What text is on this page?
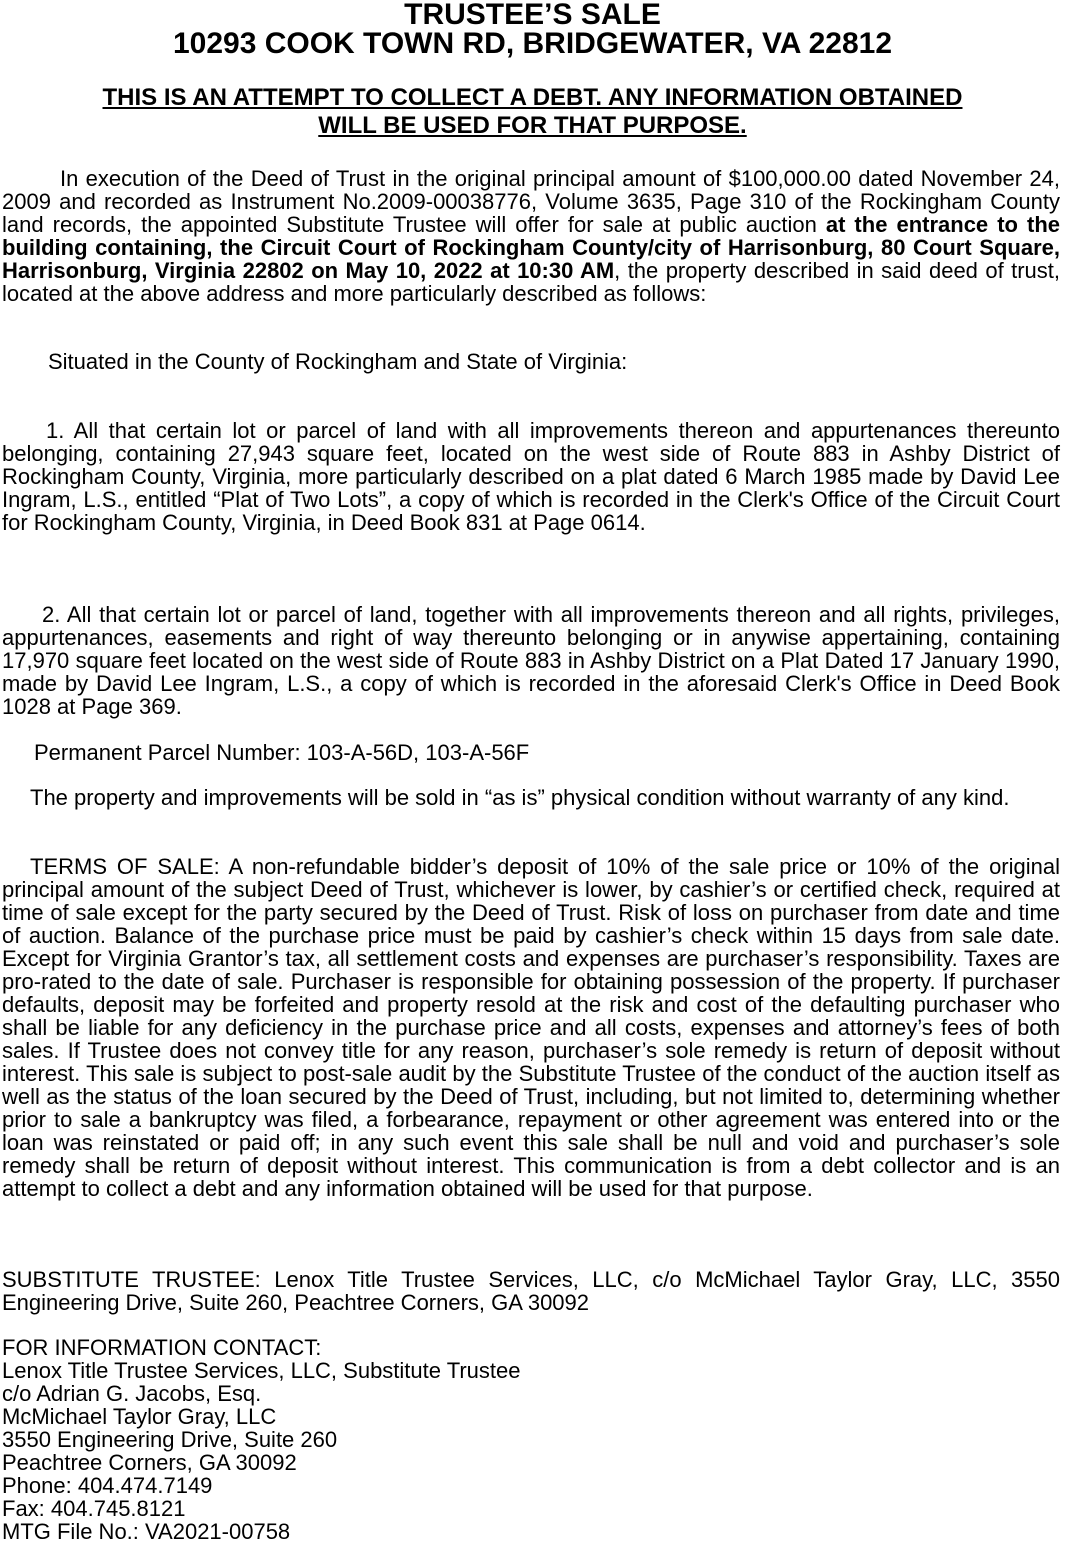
TRUSTEE’S SALE
10293 COOK TOWN RD, BRIDGEWATER, VA 22812
THIS IS AN ATTEMPT TO COLLECT A DEBT. ANY INFORMATION OBTAINED
WILL BE USED FOR THAT PURPOSE.

In execution of the Deed of Trust in the original principal amount of $100,000.00 dated November 24, 2009 and recorded as Instrument No.2009-00038776, Volume 3635, Page 310 of the Rockingham County land records, the appointed Substitute Trustee will offer for sale at public auction at the entrance to the building containing, the Circuit Court of Rockingham County/city of Harrisonburg, 80 Court Square, Harrisonburg, Virginia 22802 on May 10, 2022 at 10:30 AM, the property described in said deed of trust, located at the above address and more particularly described as follows:

Situated in the County of Rockingham and State of Virginia:

1. All that certain lot or parcel of land with all improvements thereon and appurtenances thereunto belonging, containing 27,943 square feet, located on the west side of Route 883 in Ashby District of Rockingham County, Virginia, more particularly described on a plat dated 6 March 1985 made by David Lee Ingram, L.S., entitled “Plat of Two Lots”, a copy of which is recorded in the Clerk's Office of the Circuit Court for Rockingham County, Virginia, in Deed Book 831 at Page 0614.

2. All that certain lot or parcel of land, together with all improvements thereon and all rights, privileges, appurtenances, easements and right of way thereunto belonging or in anywise appertaining, containing 17,970 square feet located on the west side of Route 883 in Ashby District on a Plat Dated 17 January 1990, made by David Lee Ingram, L.S., a copy of which is recorded in the aforesaid Clerk's Office in Deed Book 1028 at Page 369.

Permanent Parcel Number: 103-A-56D, 103-A-56F

The property and improvements will be sold in “as is” physical condition without warranty of any kind.

TERMS OF SALE: A non-refundable bidder’s deposit of 10% of the sale price or 10% of the original principal amount of the subject Deed of Trust, whichever is lower, by cashier’s or certified check, required at time of sale except for the party secured by the Deed of Trust. Risk of loss on purchaser from date and time of auction. Balance of the purchase price must be paid by cashier’s check within 15 days from sale date. Except for Virginia Grantor’s tax, all settlement costs and expenses are purchaser’s responsibility. Taxes are pro-rated to the date of sale. Purchaser is responsible for obtaining possession of the property. If purchaser defaults, deposit may be forfeited and property resold at the risk and cost of the defaulting purchaser who shall be liable for any deficiency in the purchase price and all costs, expenses and attorney’s fees of both sales. If Trustee does not convey title for any reason, purchaser’s sole remedy is return of deposit without interest. This sale is subject to post-sale audit by the Substitute Trustee of the conduct of the auction itself as well as the status of the loan secured by the Deed of Trust, including, but not limited to, determining whether prior to sale a bankruptcy was filed, a forbearance, repayment or other agreement was entered into or the loan was reinstated or paid off; in any such event this sale shall be null and void and purchaser’s sole remedy shall be return of deposit without interest. This communication is from a debt collector and is an attempt to collect a debt and any information obtained will be used for that purpose.

SUBSTITUTE TRUSTEE: Lenox Title Trustee Services, LLC, c/o McMichael Taylor Gray, LLC, 3550 Engineering Drive, Suite 260, Peachtree Corners, GA 30092

FOR INFORMATION CONTACT:
Lenox Title Trustee Services, LLC, Substitute Trustee
c/o Adrian G. Jacobs, Esq.
McMichael Taylor Gray, LLC
3550 Engineering Drive, Suite 260
Peachtree Corners, GA 30092
Phone: 404.474.7149
Fax: 404.745.8121
MTG File No.: VA2021-00758
